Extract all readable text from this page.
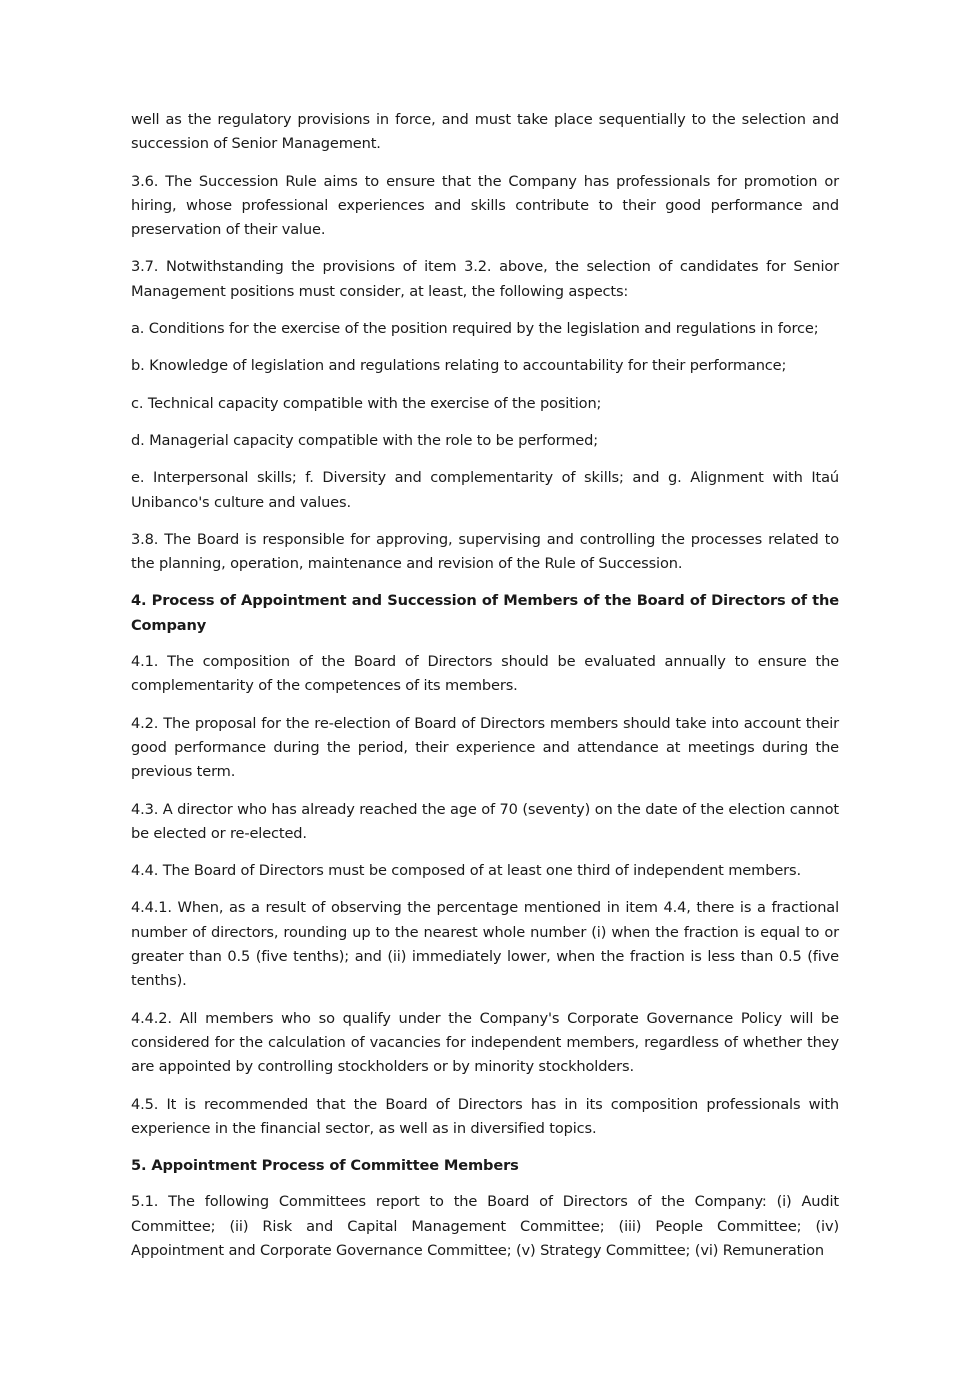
well as the regulatory provisions in force, and must take place sequentially to the selection and succession of Senior Management.

3.6. The Succession Rule aims to ensure that the Company has professionals for promotion or hiring, whose professional experiences and skills contribute to their good performance and preservation of their value.

3.7. Notwithstanding the provisions of item 3.2. above, the selection of candidates for Senior Management positions must consider, at least, the following aspects:

a. Conditions for the exercise of the position required by the legislation and regulations in force;

b. Knowledge of legislation and regulations relating to accountability for their performance;

c. Technical capacity compatible with the exercise of the position;

d. Managerial capacity compatible with the role to be performed;

e. Interpersonal skills; f. Diversity and complementarity of skills; and g. Alignment with Itaú Unibanco's culture and values.

3.8. The Board is responsible for approving, supervising and controlling the processes related to the planning, operation, maintenance and revision of the Rule of Succession.

4. Process of Appointment and Succession of Members of the Board of Directors of the Company

4.1. The composition of the Board of Directors should be evaluated annually to ensure the complementarity of the competences of its members.

4.2. The proposal for the re-election of Board of Directors members should take into account their good performance during the period, their experience and attendance at meetings during the previous term.

4.3. A director who has already reached the age of 70 (seventy) on the date of the election cannot be elected or re-elected.

4.4. The Board of Directors must be composed of at least one third of independent members.

4.4.1. When, as a result of observing the percentage mentioned in item 4.4, there is a fractional number of directors, rounding up to the nearest whole number (i) when the fraction is equal to or greater than 0.5 (five tenths); and (ii) immediately lower, when the fraction is less than 0.5 (five tenths).

4.4.2. All members who so qualify under the Company's Corporate Governance Policy will be considered for the calculation of vacancies for independent members, regardless of whether they are appointed by controlling stockholders or by minority stockholders.

4.5. It is recommended that the Board of Directors has in its composition professionals with experience in the financial sector, as well as in diversified topics.

5. Appointment Process of Committee Members

5.1. The following Committees report to the Board of Directors of the Company: (i) Audit Committee; (ii) Risk and Capital Management Committee; (iii) People Committee; (iv) Appointment and Corporate Governance Committee; (v) Strategy Committee; (vi) Remuneration
